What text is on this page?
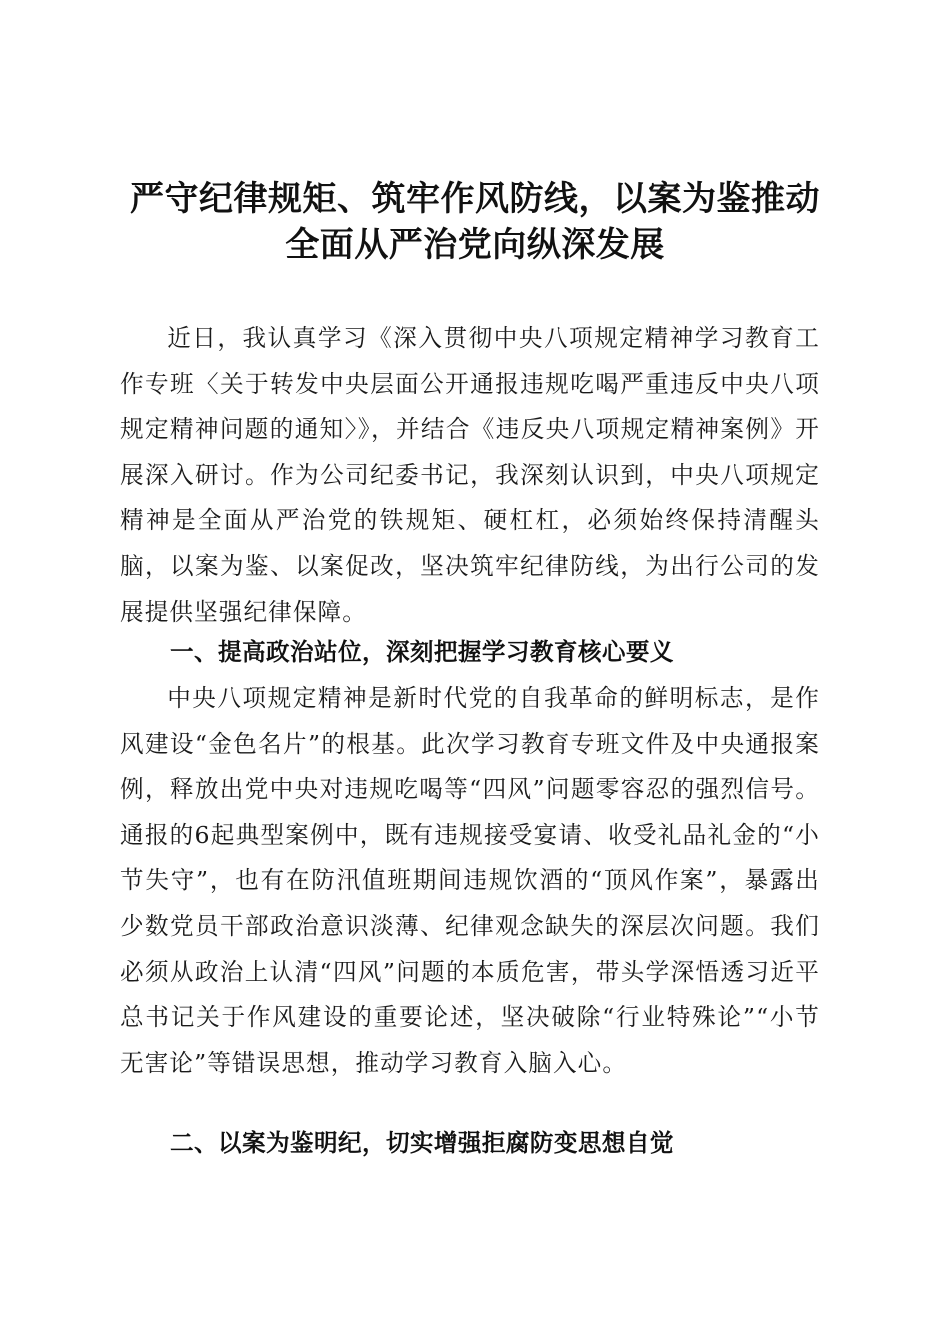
严守纪律规矩、筑牢作风防线，以案为鉴推动
全面从严治党向纵深发展

近日，我认真学习《深入贯彻中央八项规定精神学习教育工作专班〈关于转发中央层面公开通报违规吃喝严重违反中央八项规定精神问题的通知〉》，并结合《违反央八项规定精神案例》开展深入研讨。作为公司纪委书记，我深刻认识到，中央八项规定精神是全面从严治党的铁规矩、硬杠杠，必须始终保持清醒头脑，以案为鉴、以案促改，坚决筑牢纪律防线，为出行公司的发展提供坚强纪律保障。

一、提高政治站位，深刻把握学习教育核心要义

中央八项规定精神是新时代党的自我革命的鲜明标志，是作风建设“金色名片”的根基。此次学习教育专班文件及中央通报案例，释放出党中央对违规吃喝等“四风”问题零容忍的强烈信号。通报的6起典型案例中，既有违规接受宴请、收受礼品礼金的“小节失守”，也有在防汛值班期间违规饮酒的“顶风作案”，暴露出少数党员干部政治意识淡薄、纪律观念缺失的深层次问题。我们必须从政治上认清“四风”问题的本质危害，带头学深悟透习近平总书记关于作风建设的重要论述，坚决破除“行业特殊论”“小节无害论”等错误思想，推动学习教育入脑入心。

二、以案为鉴明纪，切实增强拒腐防变思想自觉
